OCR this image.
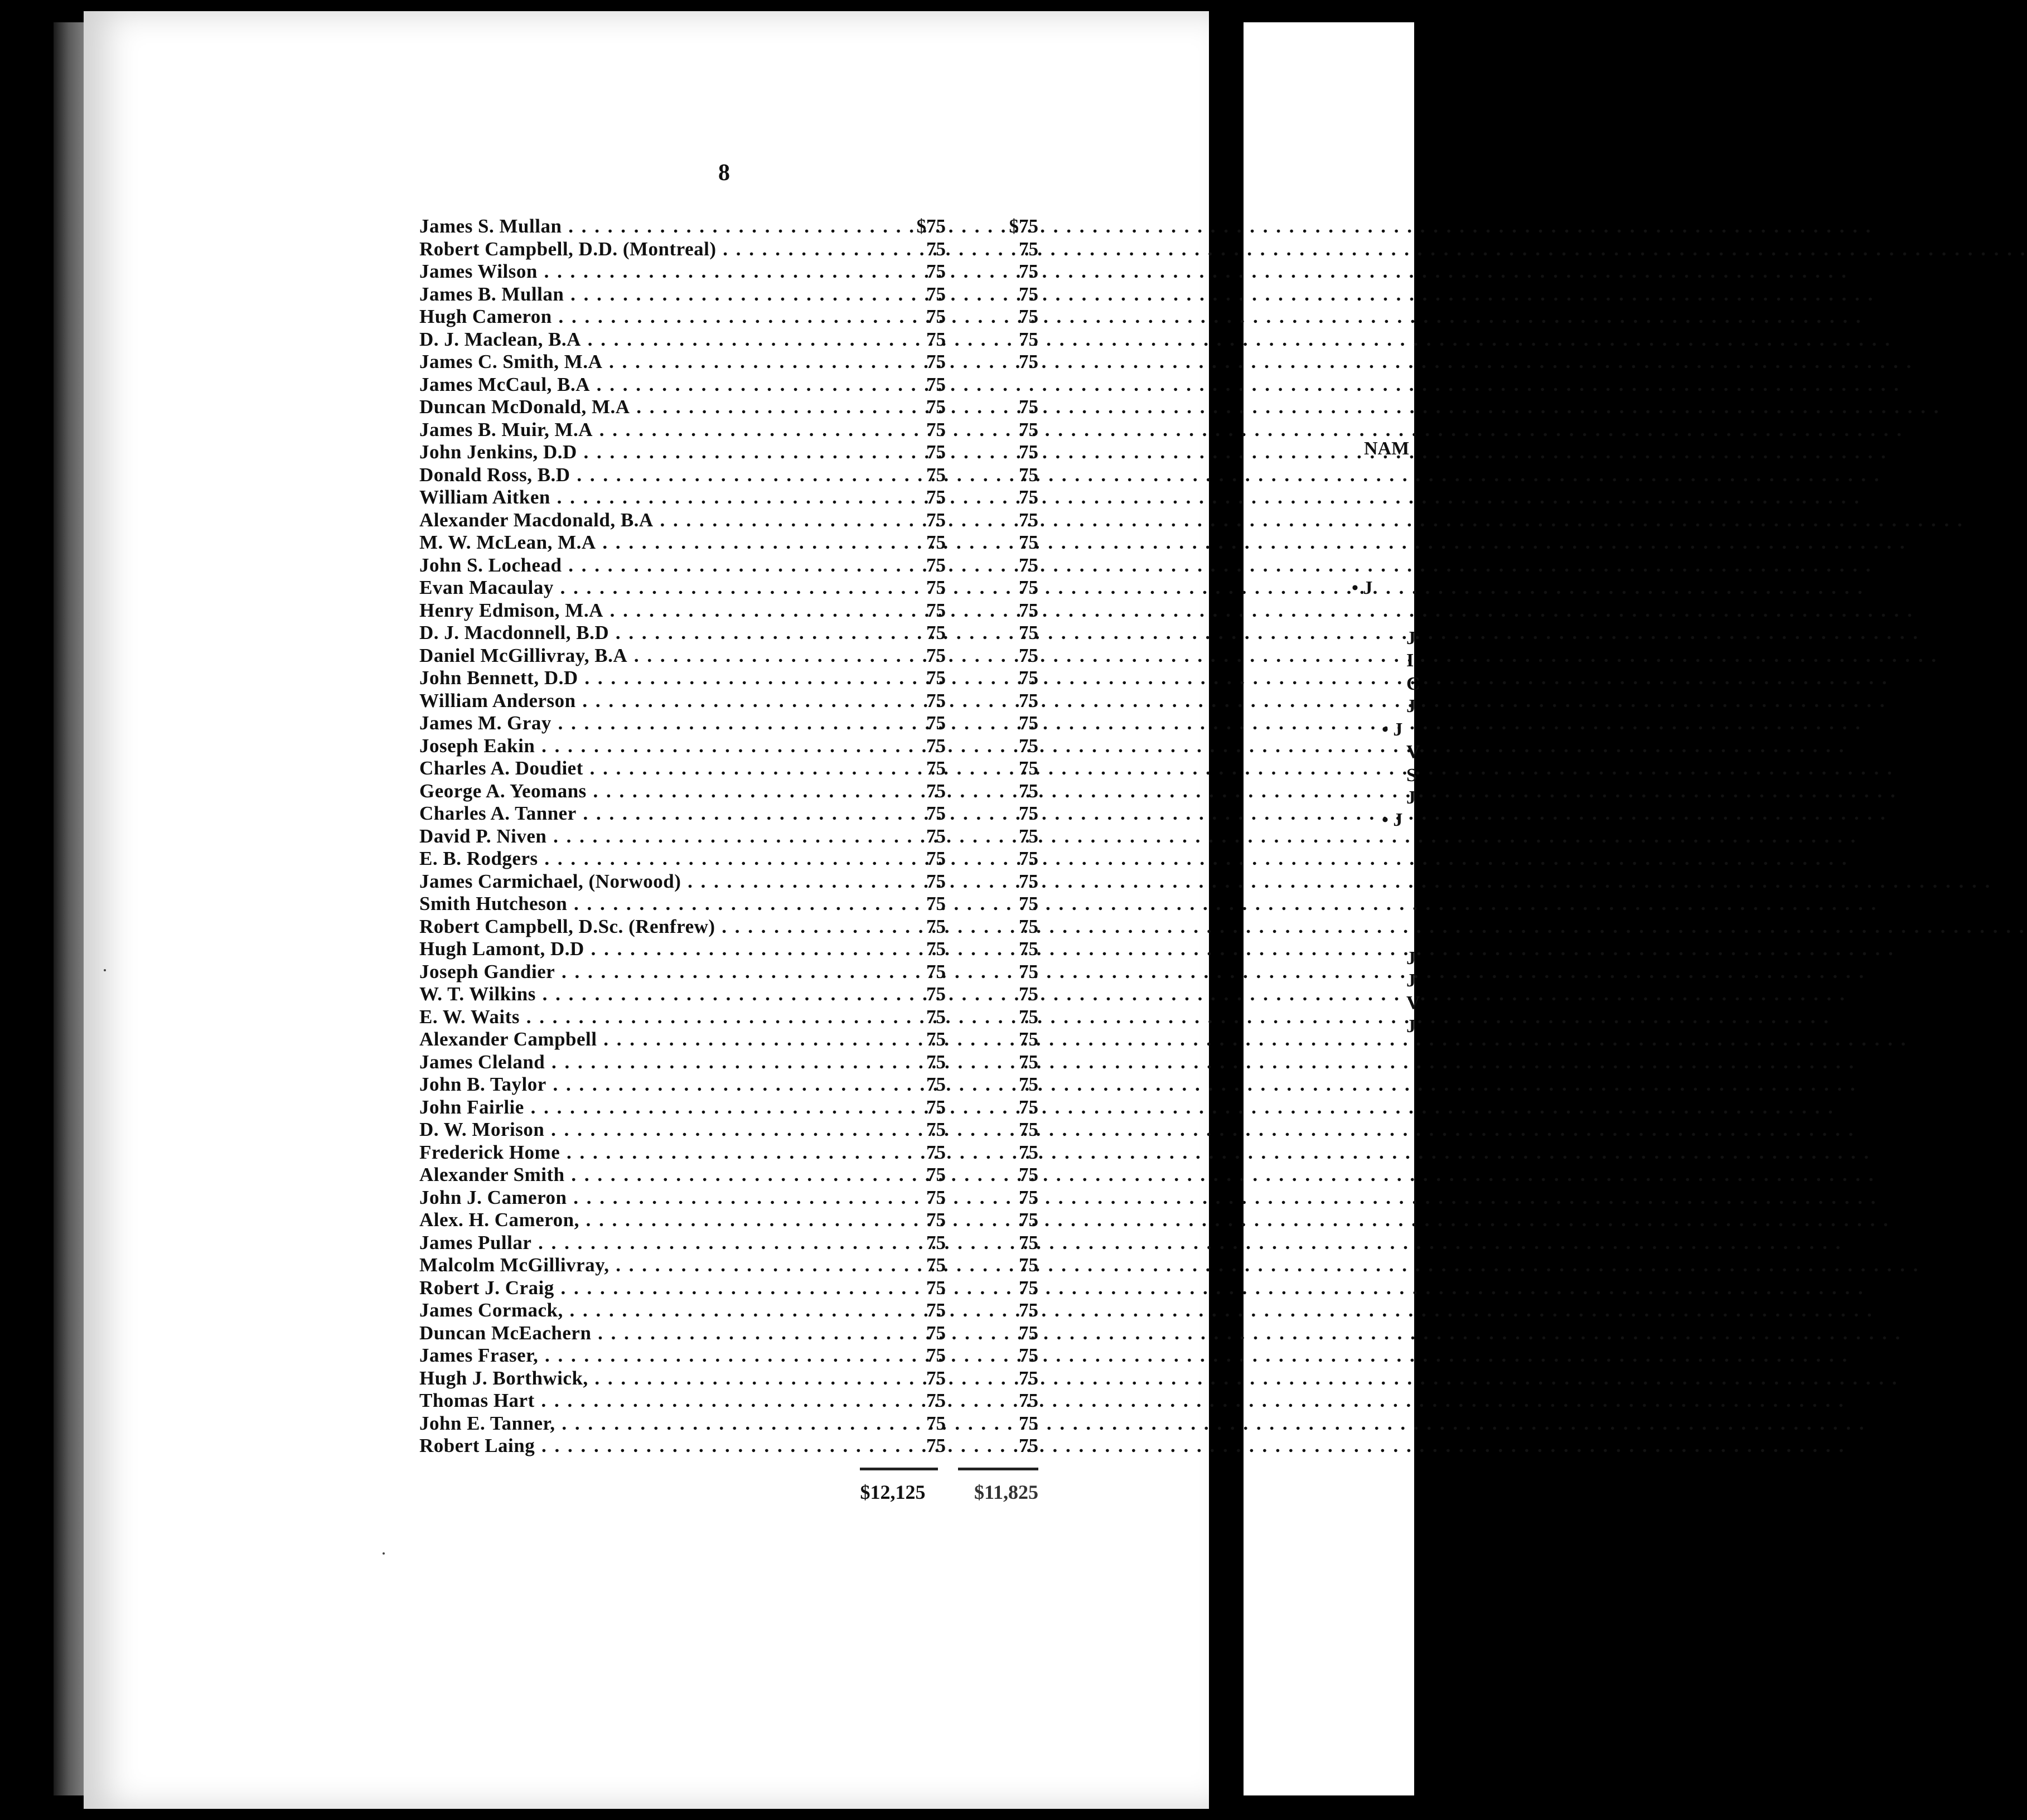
8
James S. Mullan . . .	$75	$75
Robert Campbell, D.D. (Montreal) . . .	75	75
James Wilson . . .	75	75
James B. Mullan . . .	75	75
Hugh Cameron . . .	75	75
D. J. Maclean, B.A . . .	75	75
James C. Smith, M.A . . .	75	75
James McCaul, B.A . . .	75
Duncan McDonald, M.A . . .	75	75
James B. Muir, M.A . . .	75	75
John Jenkins, D.D . . .	75	75
Donald Ross, B.D . . .	75	75
William Aitken . . .	75	75
Alexander Macdonald, B.A . . .	75	75
M. W. McLean, M.A . . .	75	75
John S. Lochead . . .	75	75
Evan Macaulay . . .	75	75
Henry Edmison, M.A . . .	75	75
D. J. Macdonnell, B.D . . .	75	75
Daniel McGillivray, B.A . . .	75	75
John Bennett, D.D . . .	75	75
William Anderson . . .	75	75
James M. Gray . . .	75	75
Joseph Eakin . . .	75	75
Charles A. Doudiet . . .	75	75
George A. Yeomans . . .	75	75
Charles A. Tanner . . .	75	75
David P. Niven . . .	75	75
E. B. Rodgers . . .	75	75
James Carmichael, (Norwood) . . .	75	75
Smith Hutcheson . . .	75	75
Robert Campbell, D.Sc. (Renfrew) . . .	75	75
Hugh Lamont, D.D . . .	75	75
Joseph Gandier . . .	75	75
W. T. Wilkins . . .	75	75
E. W. Waits . . .	75	75
Alexander Campbell . . .	75	75
James Cleland . . .	75	75
John B. Taylor . . .	75	75
John Fairlie . . .	75	75
D. W. Morison . . .	75	75
Frederick Home . . .	75	75
Alexander Smith . . .	75	75
John J. Cameron . . .	75	75
Alex. H. Cameron, . . .	75	75
James Pullar . . .	75	75
Malcolm McGillivray, . . .	75	75
Robert J. Craig . . .	75	75
James Cormack, . . .	75	75
Duncan McEachern . . .	75	75
James Fraser, . . .	75	75
Hugh J. Borthwick, . . .	75	75
Thomas Hart . . .	75	75
John E. Tanner, . . .	75	75
Robert Laing . . .	75	75
$12,125	$11,825
NAM
• J
J
I
C
J
• J
V
S
J
• J
J
J
V
J
